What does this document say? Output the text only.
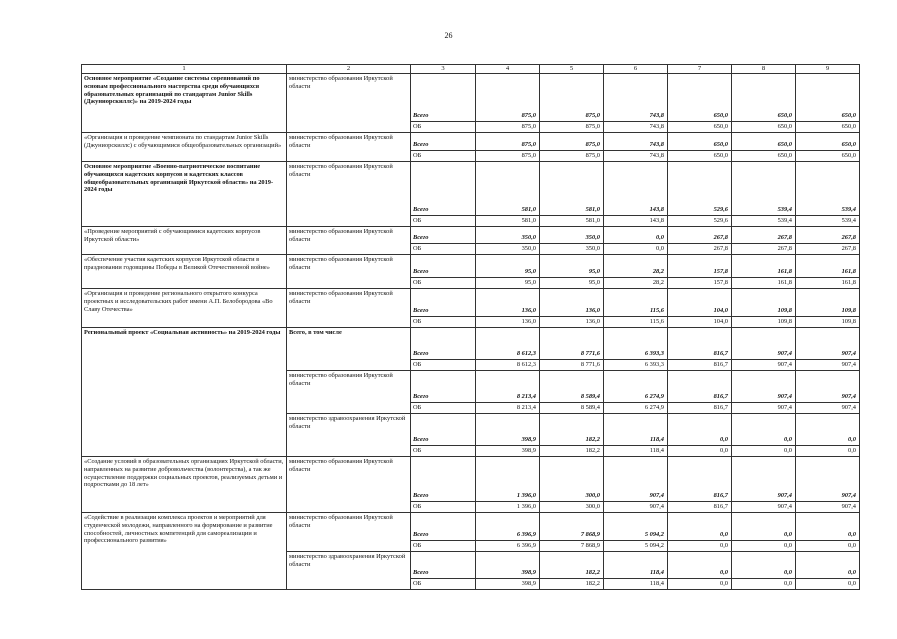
26
1	2	3	4	5	6	7	8	9
Основное мероприятие «Создание системы соревнований по основам профессионального мастерства среди обучающихся образовательных организаций по стандартам Junior Skills (Джуниорскиллс)» на 2019-2024 годы	министерство образования Иркутской области	Всего	875,0	875,0	743,8	650,0	650,0	650,0
		ОБ	875,0	875,0	743,8	650,0	650,0	650,0
«Организация и проведение чемпионата по стандартам Junior Skills (Джуниорскиллс) с обучающимися общеобразовательных организаций»	министерство образования Иркутской области	Всего	875,0	875,0	743,8	650,0	650,0	650,0
		ОБ	875,0	875,0	743,8	650,0	650,0	650,0
Основное мероприятие «Военно-патриотическое воспитание обучающихся кадетских корпусов и кадетских классов общеобразовательных организаций Иркутской области» на 2019-2024 годы	министерство образования Иркутской области	Всего	581,0	581,0	143,8	529,6	539,4	539,4
		ОБ	581,0	581,0	143,8	529,6	539,4	539,4
«Проведение мероприятий с обучающимися кадетских корпусов Иркутской области»	министерство образования Иркутской области	Всего	350,0	350,0	0,0	267,8	267,8	267,8
		ОБ	350,0	350,0	0,0	267,8	267,8	267,8
«Обеспечение участия кадетских корпусов Иркутской области в праздновании годовщины Победы в Великой Отечественной войне»	министерство образования Иркутской области	Всего	95,0	95,0	28,2	157,8	161,8	161,8
		ОБ	95,0	95,0	28,2	157,8	161,8	161,8
«Организация и проведение регионального открытого конкурса проектных и исследовательских работ имени А.П. Белобородова «Во Славу Отечества»	министерство образования Иркутской области	Всего	136,0	136,0	115,6	104,0	109,8	109,8
		ОБ	136,0	136,0	115,6	104,0	109,8	109,8
Региональный проект «Социальная активность» на 2019-2024 годы	Всего, в том числе	Всего	8 612,3	8 771,6	6 393,3	816,7	907,4	907,4
		ОБ	8 612,3	8 771,6	6 393,3	816,7	907,4	907,4
	министерство образования Иркутской области	Всего	8 213,4	8 589,4	6 274,9	816,7	907,4	907,4
		ОБ	8 213,4	8 589,4	6 274,9	816,7	907,4	907,4
	министерство здравоохранения Иркутской области	Всего	398,9	182,2	118,4	0,0	0,0	0,0
		ОБ	398,9	182,2	118,4	0,0	0,0	0,0
«Создание условий в образовательных организациях Иркутской области, направленных на развитие добровольчества (волонтерства), а так же осуществление поддержки социальных проектов, реализуемых детьми и подростками до 18 лет»	министерство образования Иркутской области	Всего	1 396,0	300,0	907,4	816,7	907,4	907,4
		ОБ	1 396,0	300,0	907,4	816,7	907,4	907,4
«Содействие в реализации комплекса проектов и мероприятий для студенческой молодежи, направленного на формирование и развитие способностей, личностных компетенций для самореализации и профессионального развития»	министерство образования Иркутской области	Всего	6 396,9	7 868,9	5 094,2	0,0	0,0	0,0
		ОБ	6 396,9	7 868,9	5 094,2	0,0	0,0	0,0
	министерство здравоохранения Иркутской области	Всего	398,9	182,2	118,4	0,0	0,0	0,0
		ОБ	398,9	182,2	118,4	0,0	0,0	0,0
